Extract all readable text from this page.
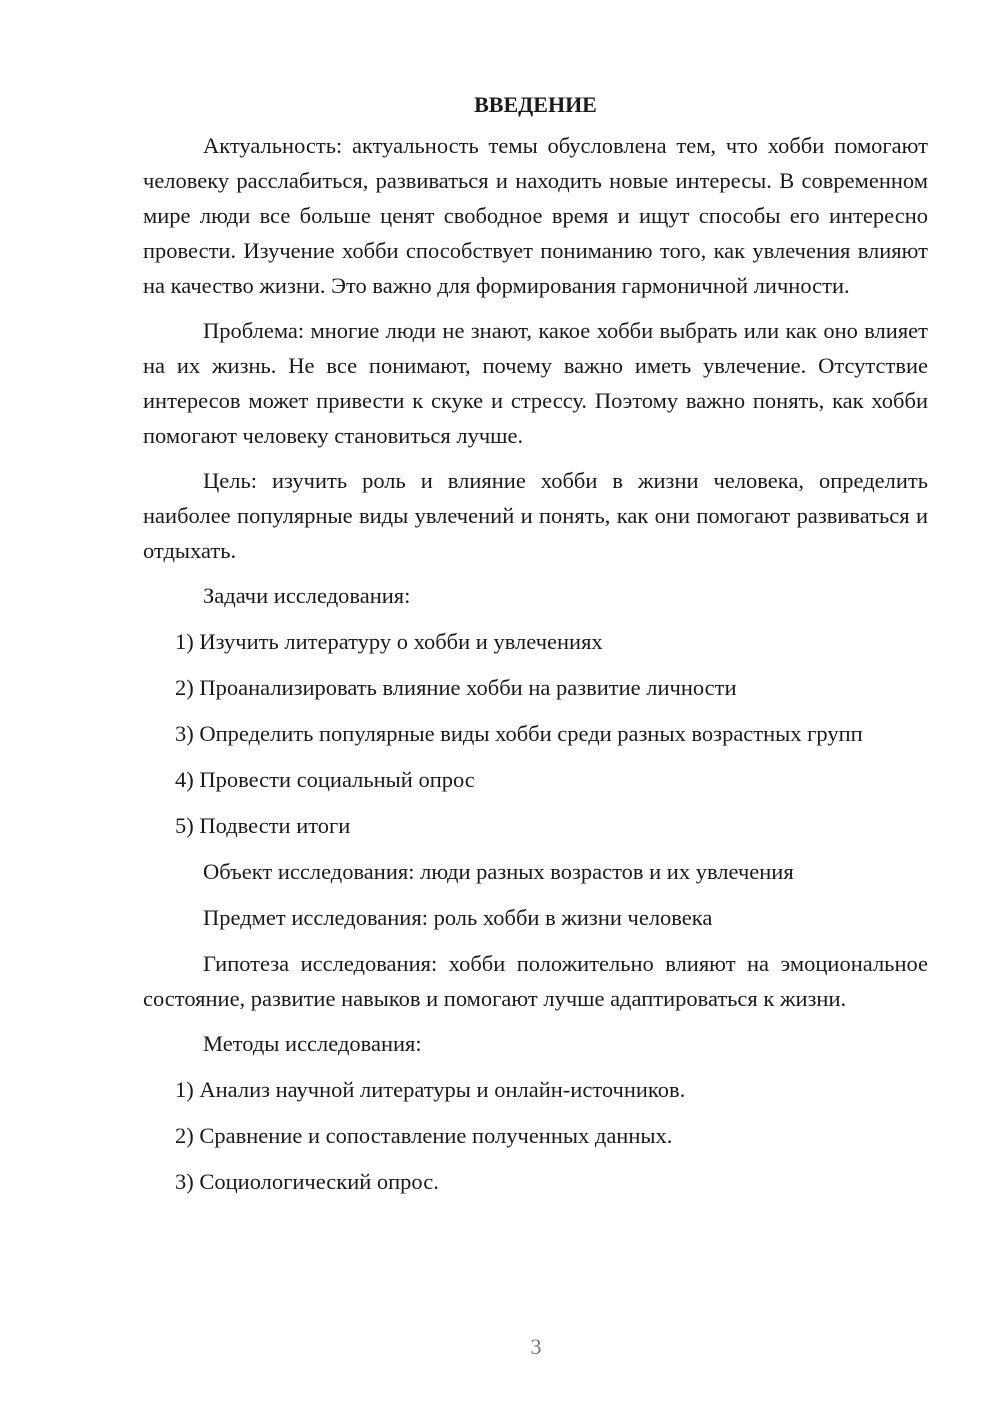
ВВЕДЕНИЕ
Актуальность: актуальность темы обусловлена тем, что хобби помогают человеку расслабиться, развиваться и находить новые интересы. В современном мире люди все больше ценят свободное время и ищут способы его интересно провести. Изучение хобби способствует пониманию того, как увлечения влияют на качество жизни. Это важно для формирования гармоничной личности.
Проблема: многие люди не знают, какое хобби выбрать или как оно влияет на их жизнь. Не все понимают, почему важно иметь увлечение. Отсутствие интересов может привести к скуке и стрессу. Поэтому важно понять, как хобби помогают человеку становиться лучше.
Цель: изучить роль и влияние хобби в жизни человека, определить наиболее популярные виды увлечений и понять, как они помогают развиваться и отдыхать.
Задачи исследования:
1) Изучить литературу о хобби и увлечениях
2) Проанализировать влияние хобби на развитие личности
3) Определить популярные виды хобби среди разных возрастных групп
4) Провести социальный опрос
5) Подвести итоги
Объект исследования: люди разных возрастов и их увлечения
Предмет исследования: роль хобби в жизни человека
Гипотеза исследования: хобби положительно влияют на эмоциональное состояние, развитие навыков и помогают лучше адаптироваться к жизни.
Методы исследования:
1) Анализ научной литературы и онлайн-источников.
2) Сравнение и сопоставление полученных данных.
3) Социологический опрос.
3
